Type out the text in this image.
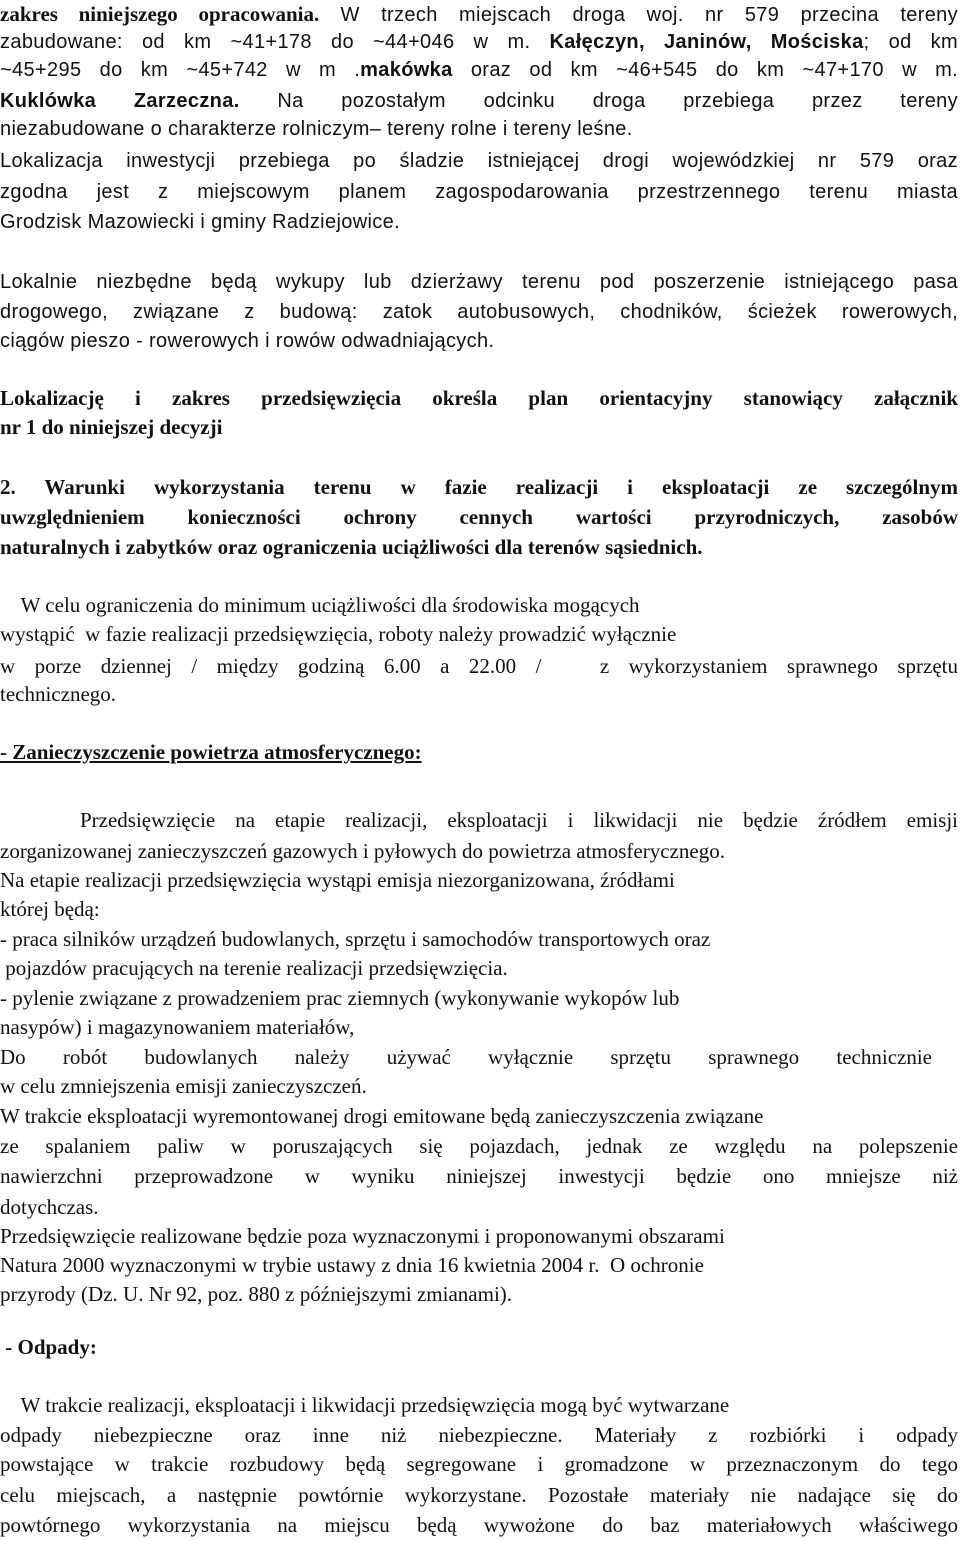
zakres niniejszego opracowania. W trzech miejscach droga woj. nr 579 przecina tereny
zabudowane: od km ~41+178 do ~44+046 w m. Kałęczyn, Janinów, Mościska; od km
~45+295 do km ~45+742 w m .makówka oraz od km ~46+545 do km ~47+170 w m.
Kuklówka Zarzeczna. Na pozostałym odcinku droga przebiega przez tereny
niezabudowane o charakterze rolniczym– tereny rolne i tereny leśne.
Lokalizacja inwestycji przebiega po śladzie istniejącej drogi wojewódzkiej nr 579 oraz
zgodna jest z miejscowym planem zagospodarowania przestrzennego terenu miasta
Grodzisk Mazowiecki i gminy Radziejowice.
Lokalnie niezbędne będą wykupy lub dzierżawy terenu pod poszerzenie istniejącego pasa
drogowego, związane z budową: zatok autobusowych, chodników, ścieżek rowerowych,
ciągów pieszo - rowerowych i rowów odwadniających.
Lokalizację i zakres przedsięwzięcia określa plan orientacyjny stanowiący załącznik
nr 1 do niniejszej decyzji
2. Warunki wykorzystania terenu w fazie realizacji i eksploatacji ze szczególnym
uwzględnieniem konieczności ochrony cennych wartości przyrodniczych, zasobów
naturalnych i zabytków oraz ograniczenia uciążliwości dla terenów sąsiednich.
W celu ograniczenia do minimum uciążliwości dla środowiska mogących
wystąpić  w fazie realizacji przedsięwzięcia, roboty należy prowadzić wyłącznie
w porze dziennej / między godziną 6.00 a 22.00 /   z wykorzystaniem sprawnego sprzętu
technicznego.
- Zanieczyszczenie powietrza atmosferycznego:
Przedsięwzięcie na etapie realizacji, eksploatacji i likwidacji nie będzie źródłem emisji
zorganizowanej zanieczyszczeń gazowych i pyłowych do powietrza atmosferycznego.
Na etapie realizacji przedsięwzięcia wystąpi emisja niezorganizowana, źródłami
której będą:
- praca silników urządzeń budowlanych, sprzętu i samochodów transportowych oraz
pojazdów pracujących na terenie realizacji przedsięwzięcia.
- pylenie związane z prowadzeniem prac ziemnych (wykonywanie wykopów lub
nasypów) i magazynowaniem materiałów,
Do robót budowlanych należy używać wyłącznie sprzętu sprawnego technicznie
w celu zmniejszenia emisji zanieczyszczeń.
W trakcie eksploatacji wyremontowanej drogi emitowane będą zanieczyszczenia związane
ze spalaniem paliw w poruszających się pojazdach, jednak ze względu na polepszenie
nawierzchni przeprowadzone w wyniku niniejszej inwestycji będzie ono mniejsze niż
dotychczas.
Przedsięwzięcie realizowane będzie poza wyznaczonymi i proponowanymi obszarami
Natura 2000 wyznaczonymi w trybie ustawy z dnia 16 kwietnia 2004 r.  O ochronie
przyrody (Dz. U. Nr 92, poz. 880 z późniejszymi zmianami).
- Odpady:
W trakcie realizacji, eksploatacji i likwidacji przedsięwzięcia mogą być wytwarzane
odpady niebezpieczne oraz inne niż niebezpieczne. Materiały z rozbiórki i odpady
powstające w trakcie rozbudowy będą segregowane i gromadzone w przeznaczonym do tego
celu miejscach, a następnie powtórnie wykorzystane. Pozostałe materiały nie nadające się do
powtórnego wykorzystania na miejscu będą wywożone do baz materiałowych właściwego
